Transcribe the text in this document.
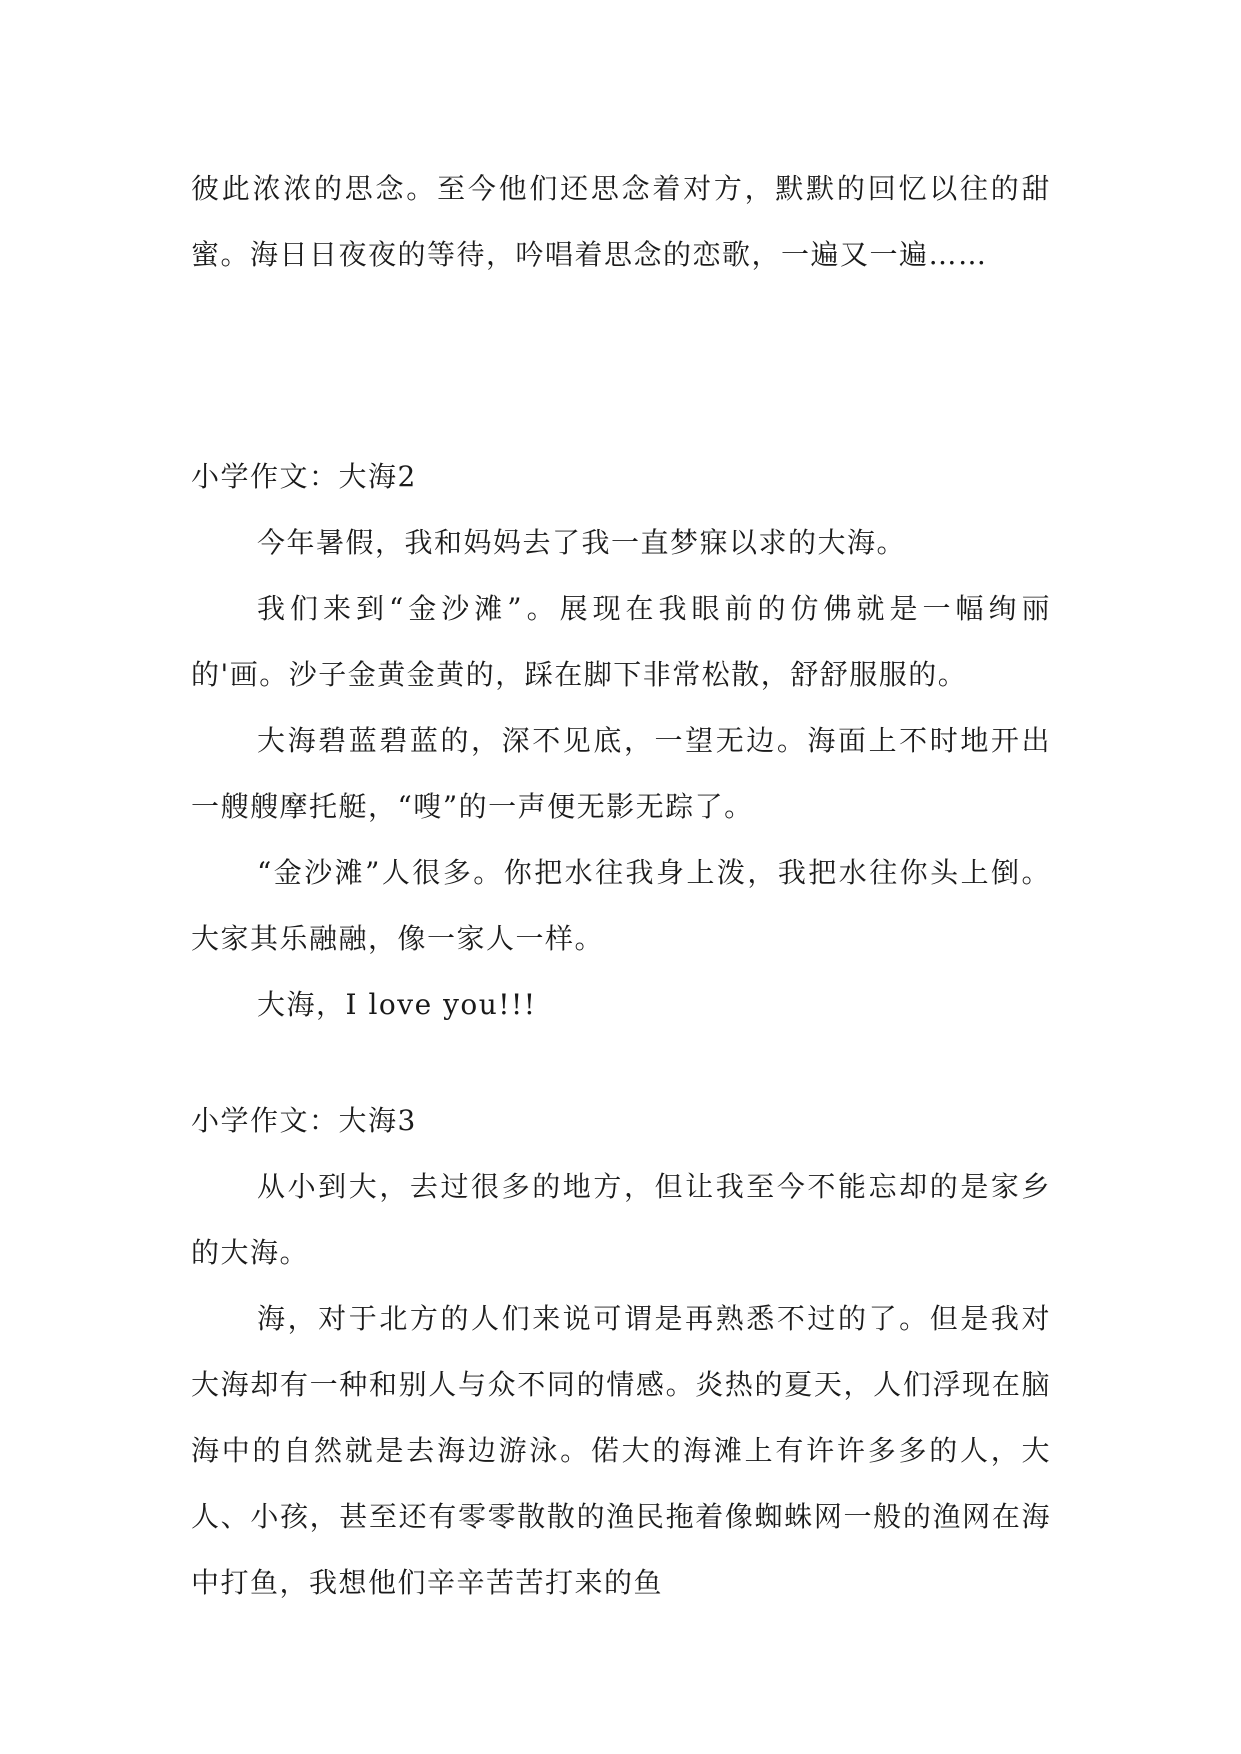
彼此浓浓的思念。至今他们还思念着对方，默默的回忆以往的甜蜜。海日日夜夜的等待，吟唱着思念的恋歌，一遍又一遍……

小学作文：大海2

今年暑假，我和妈妈去了我一直梦寐以求的大海。

我们来到“金沙滩”。展现在我眼前的仿佛就是一幅绚丽的'画。沙子金黄金黄的，踩在脚下非常松散，舒舒服服的。

大海碧蓝碧蓝的，深不见底，一望无边。海面上不时地开出一艘艘摩托艇，“嗖”的一声便无影无踪了。

“金沙滩”人很多。你把水往我身上泼，我把水往你头上倒。大家其乐融融，像一家人一样。

大海，I love you!!!

小学作文：大海3

从小到大，去过很多的地方，但让我至今不能忘却的是家乡的大海。

海，对于北方的人们来说可谓是再熟悉不过的了。但是我对大海却有一种和别人与众不同的情感。炎热的夏天，人们浮现在脑海中的自然就是去海边游泳。偌大的海滩上有许许多多的人，大人、小孩，甚至还有零零散散的渔民拖着像蜘蛛网一般的渔网在海中打鱼，我想他们辛辛苦苦打来的鱼
